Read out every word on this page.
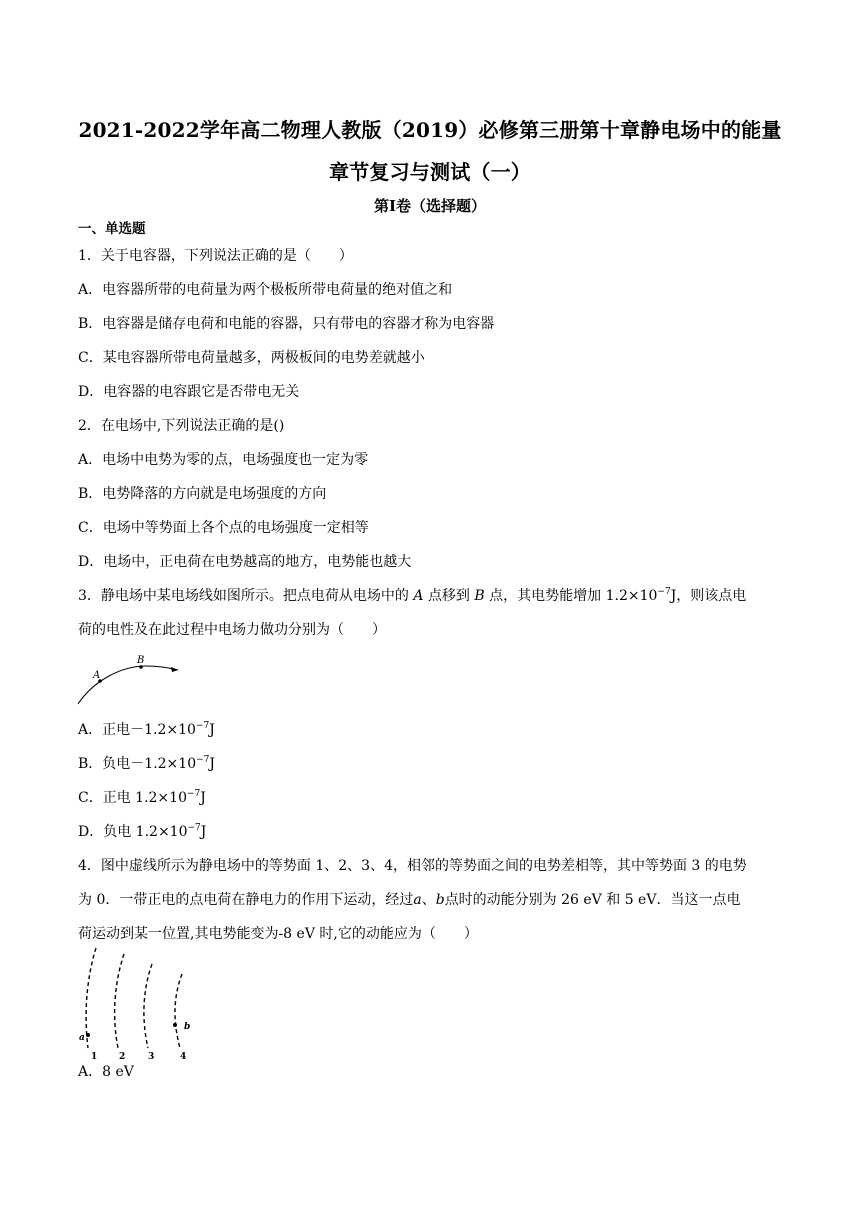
2021-2022学年高二物理人教版（2019）必修第三册第十章静电场中的能量
章节复习与测试（一）
第Ⅰ卷（选择题）
一、单选题
1．关于电容器，下列说法正确的是（　　）
A．电容器所带的电荷量为两个极板所带电荷量的绝对值之和
B．电容器是储存电荷和电能的容器，只有带电的容器才称为电容器
C．某电容器所带电荷量越多，两极板间的电势差就越小
D．电容器的电容跟它是否带电无关
2．在电场中,下列说法正确的是()
A．电场中电势为零的点，电场强度也一定为零
B．电势降落的方向就是电场强度的方向
C．电场中等势面上各个点的电场强度一定相等
D．电场中，正电荷在电势越高的地方，电势能也越大
3．静电场中某电场线如图所示。把点电荷从电场中的 A 点移到 B 点，其电势能增加 $1.2\times 10^{-7}J$，则该点电
荷的电性及在此过程中电场力做功分别为（　　）
A
B
A．正电$-1.2\times 10^{-7}J$
B．负电$-1.2\times 10^{-7}J$
C．正电 $1.2\times 10^{-7}J$
D．负电 $1.2\times 10^{-7}J$
4．图中虚线所示为静电场中的等势面 1、2、3、4，相邻的等势面之间的电势差相等，其中等势面 3 的电势
为 0．一带正电的点电荷在静电力的作用下运动，经过a、b点时的动能分别为 26 eV 和 5 eV．当这一点电
荷运动到某一位置,其电势能变为-8 eV 时,它的动能应为（　　）
a
b
1 2	3	4
A．8 eV
